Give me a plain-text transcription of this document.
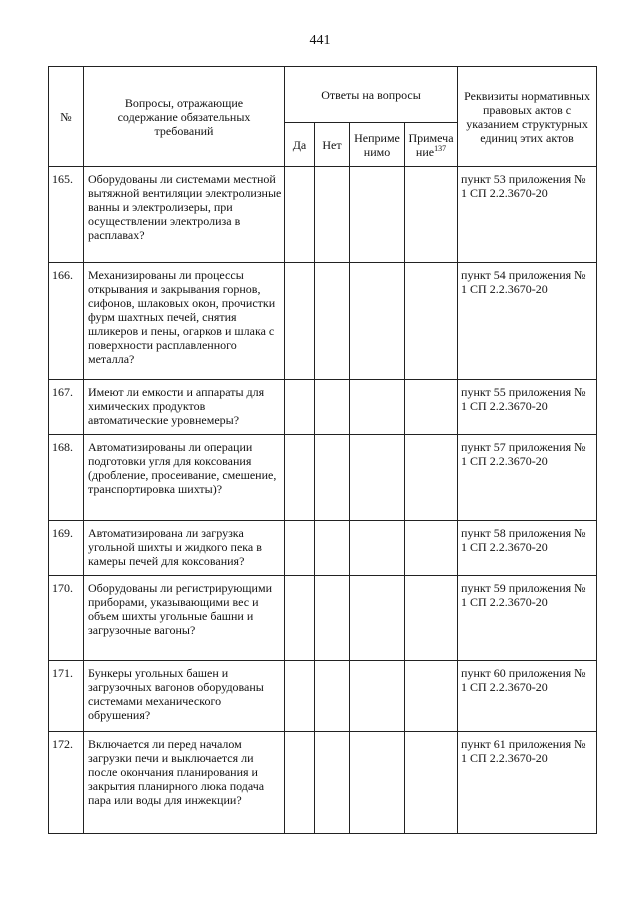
441
№	Вопросы, отражающие содержание обязательных требований	Ответы на вопросы				Реквизиты нормативных правовых актов с указанием структурных единиц этих актов
		Да	Нет	Неприменимо	Примечание$^{137}$
165.	Оборудованы ли системами местной вытяжной вентиляции электролизные ванны и электролизеры, при осуществлении электролиза в расплавах?					пункт 53 приложения № 1 СП 2.2.3670-20
166.	Механизированы ли процессы открывания и закрывания горнов, сифонов, шлаковых окон, прочистки фурм шахтных печей, снятия шликеров и пены, огарков и шлака с поверхности расплавленного металла?					пункт 54 приложения № 1 СП 2.2.3670-20
167.	Имеют ли емкости и аппараты для химических продуктов автоматические уровнемеры?					пункт 55 приложения № 1 СП 2.2.3670-20
168.	Автоматизированы ли операции подготовки угля для коксования (дробление, просеивание, смешение, транспортировка шихты)?					пункт 57 приложения № 1 СП 2.2.3670-20
169.	Автоматизирована ли загрузка угольной шихты и жидкого пека в камеры печей для коксования?					пункт 58 приложения № 1 СП 2.2.3670-20
170.	Оборудованы ли регистрирующими приборами, указывающими вес и объем шихты угольные башни и загрузочные вагоны?					пункт 59 приложения № 1 СП 2.2.3670-20
171.	Бункеры угольных башен и загрузочных вагонов оборудованы системами механического обрушения?					пункт 60 приложения № 1 СП 2.2.3670-20
172.	Включается ли перед началом загрузки печи и выключается ли после окончания планирования и закрытия планирного люка подача пара или воды для инжекции?					пункт 61 приложения № 1 СП 2.2.3670-20
